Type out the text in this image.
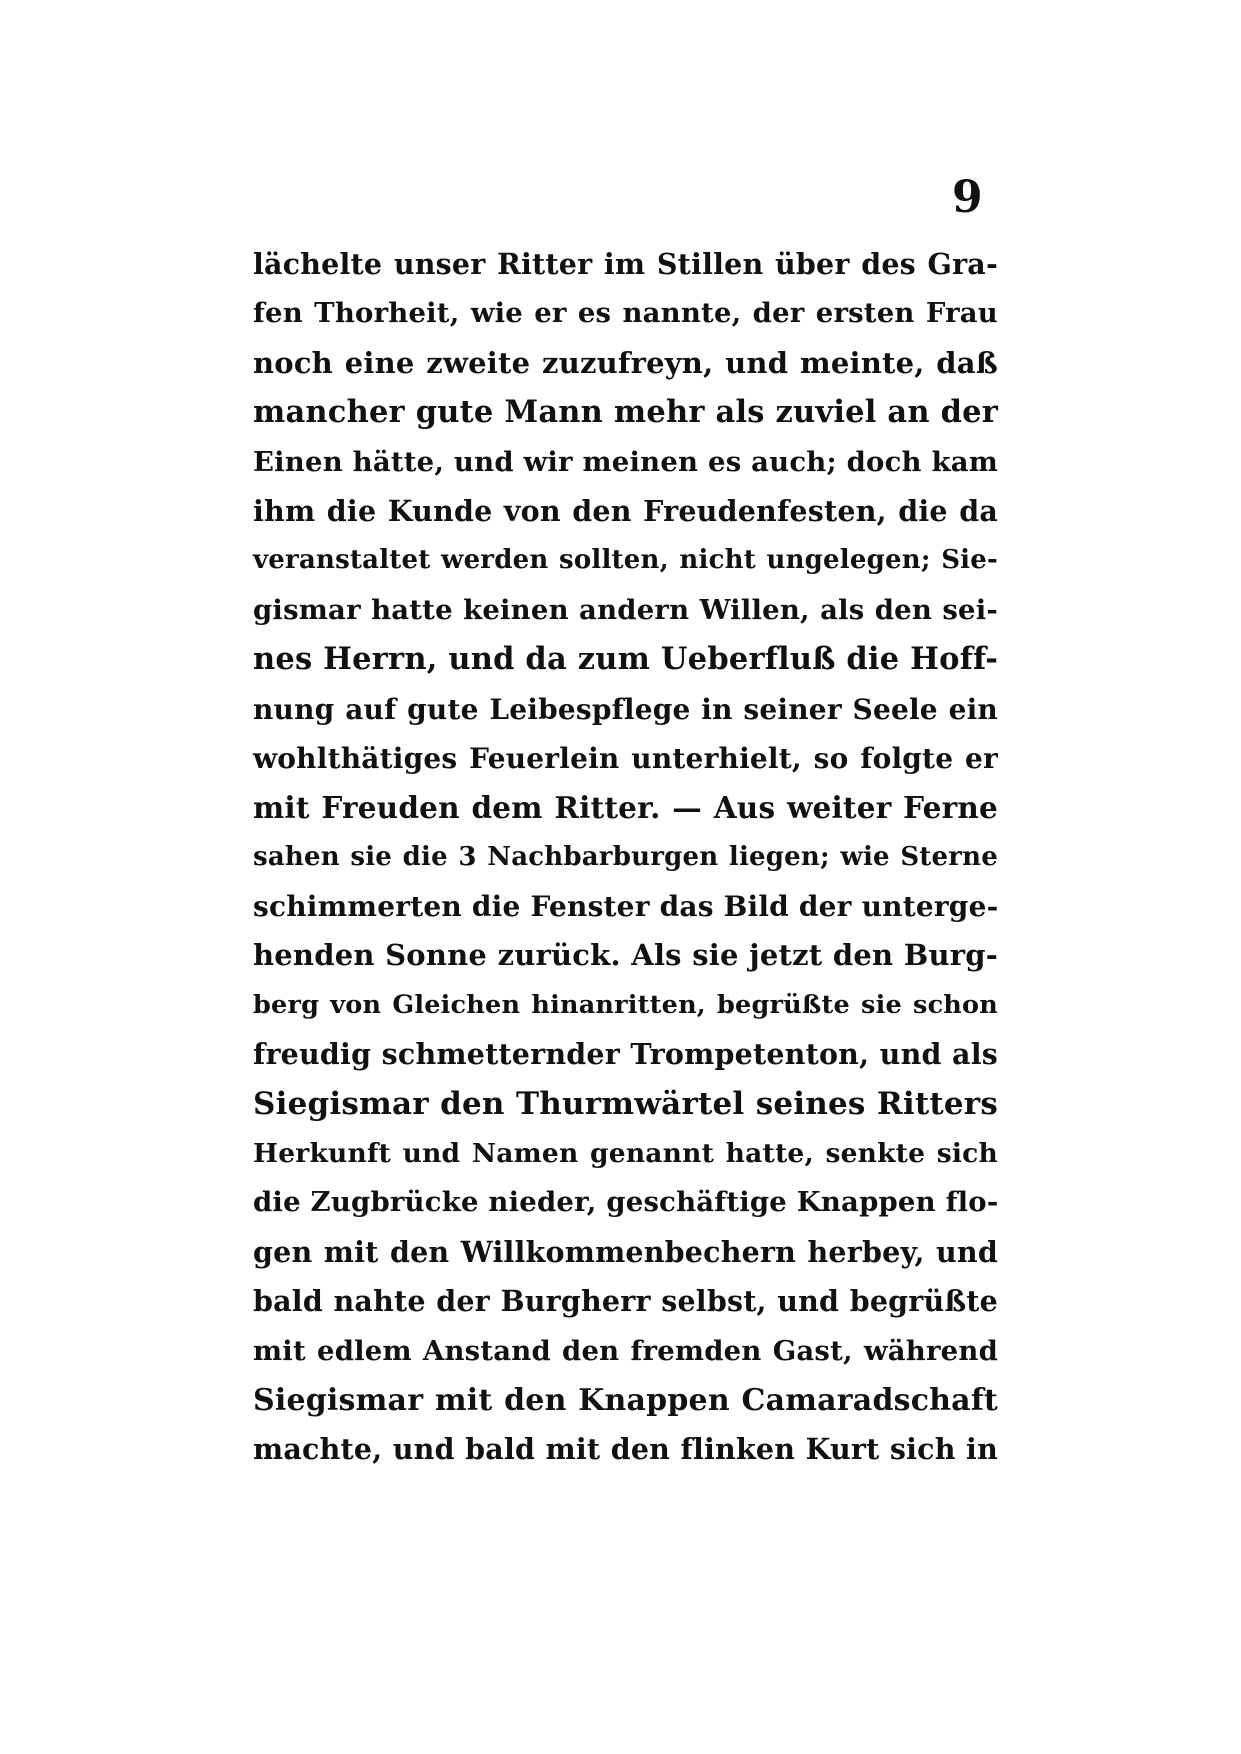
9
lächelte unser Ritter im Stillen über des Gra-
fen Thorheit, wie er es nannte, der ersten Frau
noch eine zweite zuzufreyn, und meinte, daß
mancher gute Mann mehr als zuviel an der
Einen hätte, und wir meinen es auch; doch kam
ihm die Kunde von den Freudenfesten, die da
veranstaltet werden sollten, nicht ungelegen; Sie-
gismar hatte keinen andern Willen, als den sei-
nes Herrn, und da zum Ueberfluß die Hoff-
nung auf gute Leibespflege in seiner Seele ein
wohlthätiges Feuerlein unterhielt, so folgte er
mit Freuden dem Ritter. — Aus weiter Ferne
sahen sie die 3 Nachbarburgen liegen; wie Sterne
schimmerten die Fenster das Bild der unterge-
henden Sonne zurück. Als sie jetzt den Burg-
berg von Gleichen hinanritten, begrüßte sie schon
freudig schmetternder Trompetenton, und als
Siegismar den Thurmwärtel seines Ritters
Herkunft und Namen genannt hatte, senkte sich
die Zugbrücke nieder, geschäftige Knappen flo-
gen mit den Willkommenbechern herbey, und
bald nahte der Burgherr selbst, und begrüßte
mit edlem Anstand den fremden Gast, während
Siegismar mit den Knappen Camaradschaft
machte, und bald mit den flinken Kurt sich in
